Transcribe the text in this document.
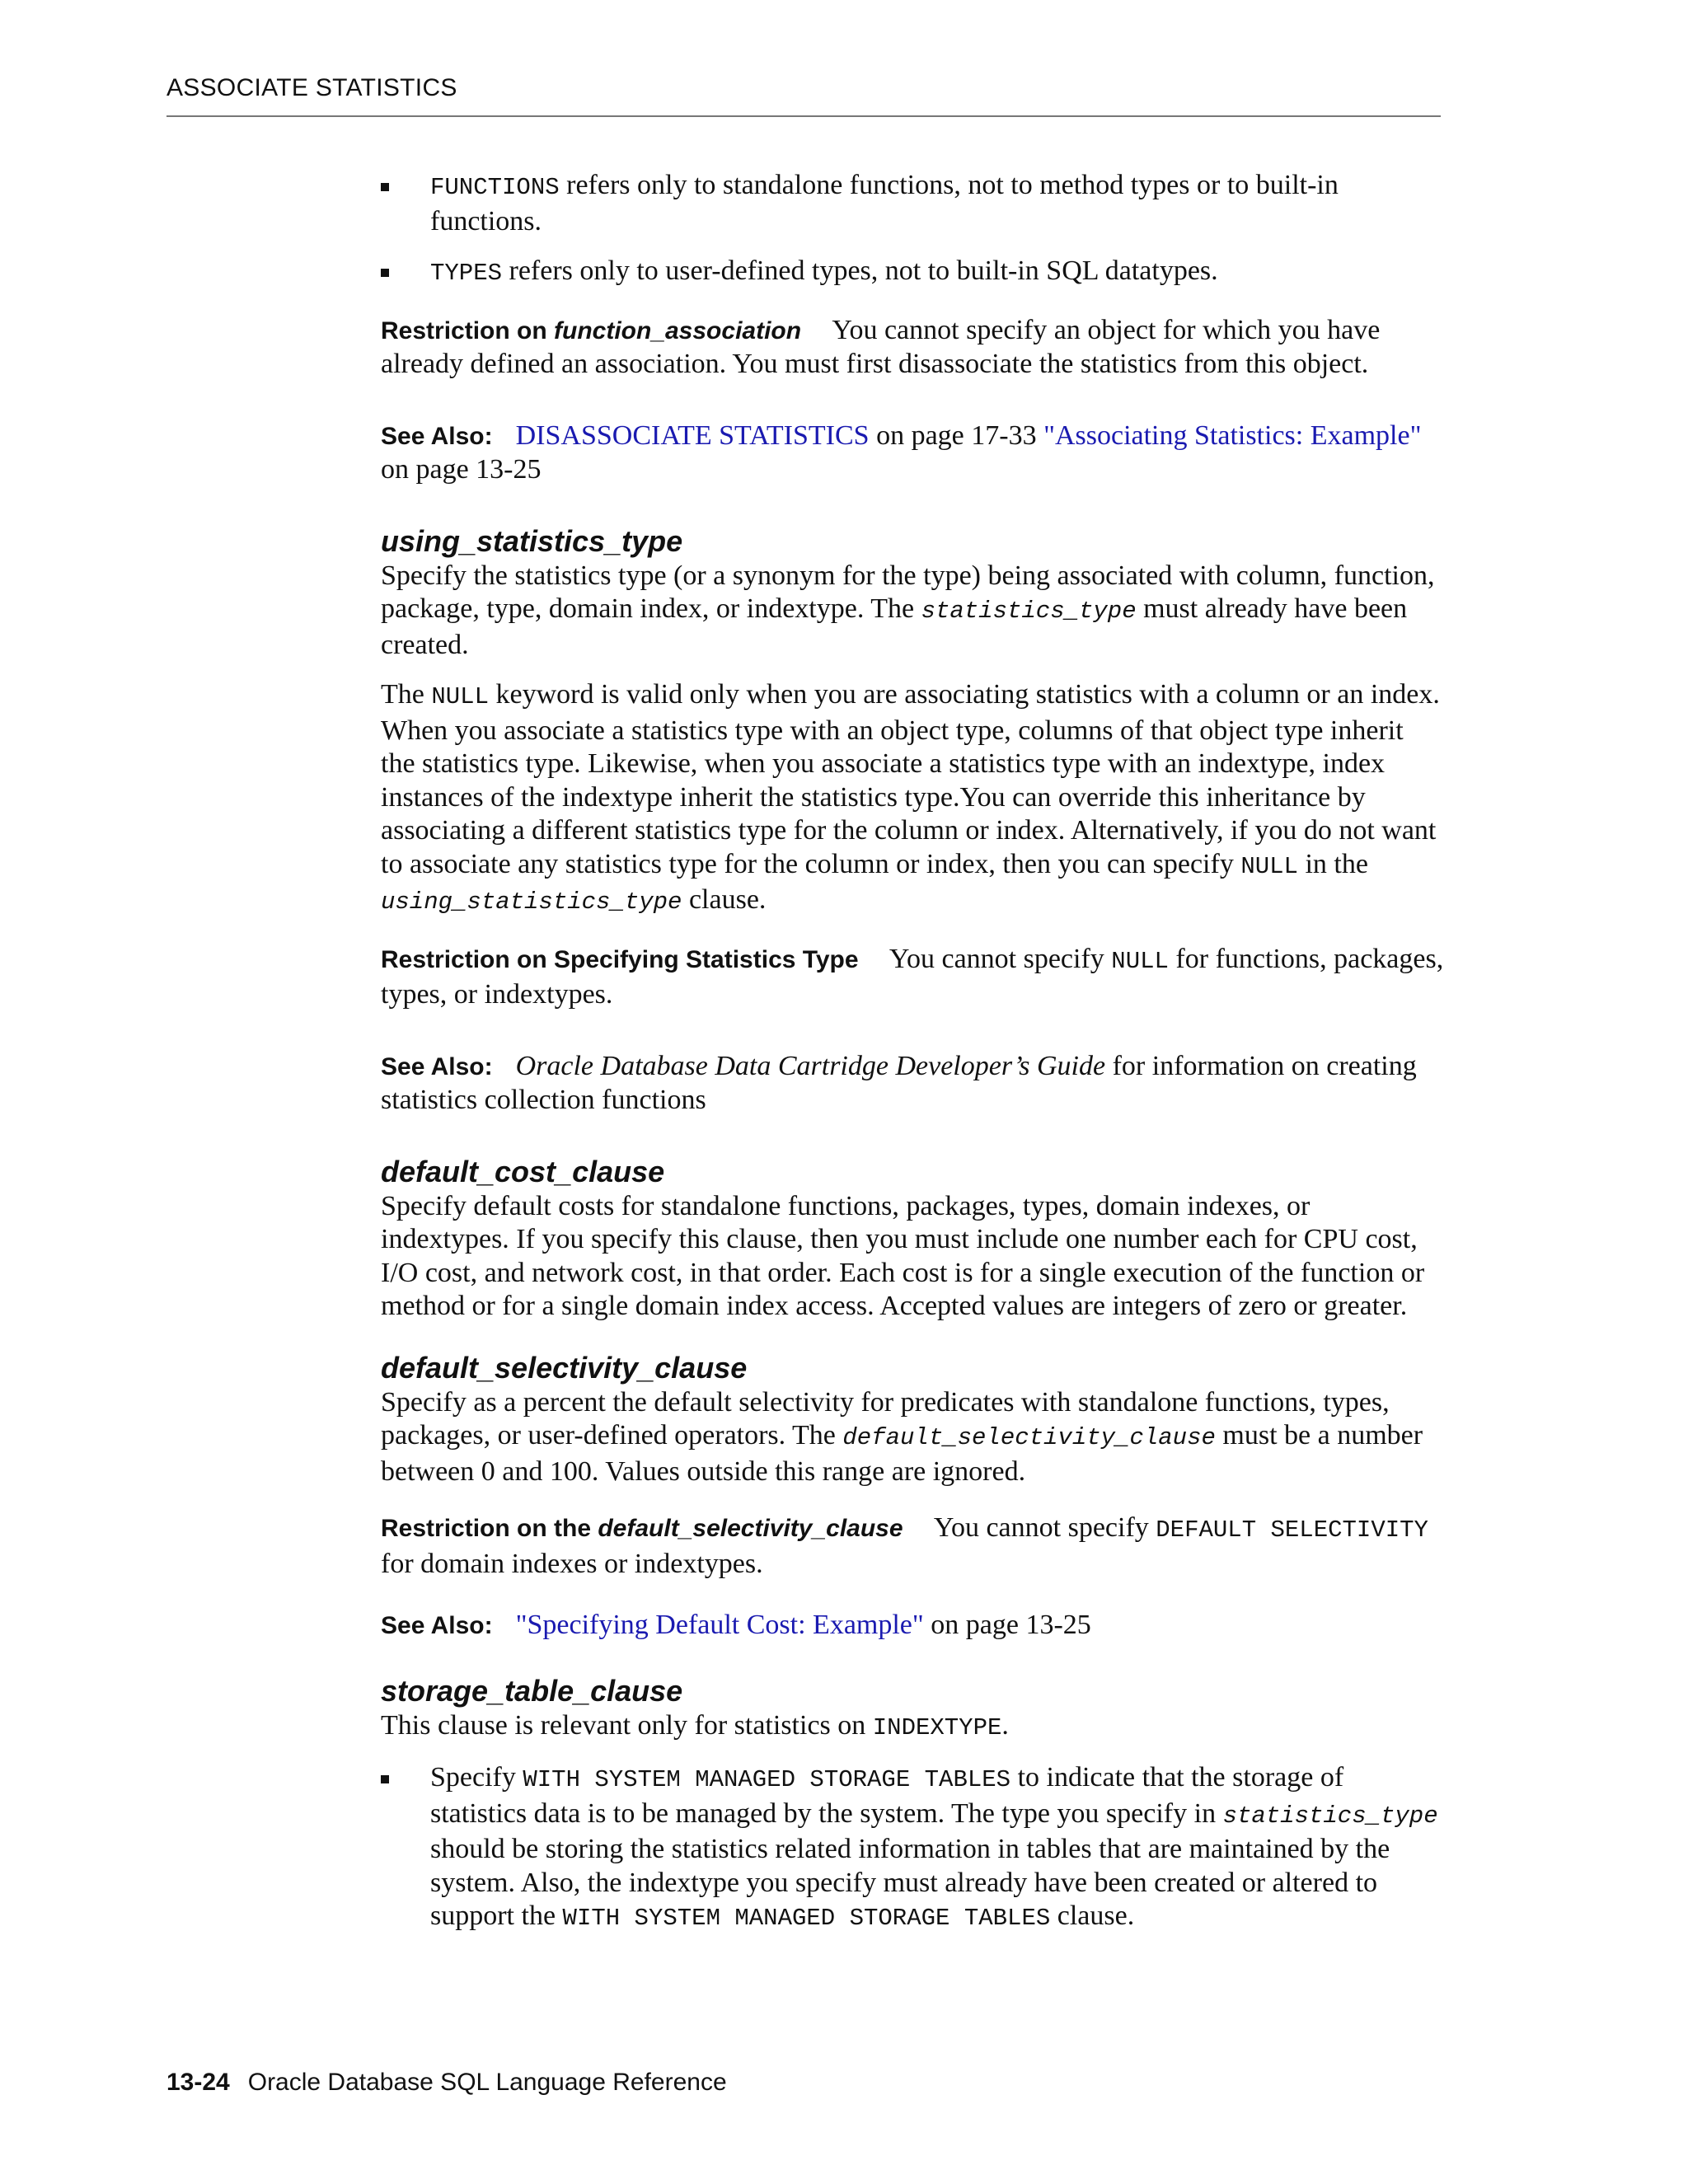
ASSOCIATE STATISTICS
FUNCTIONS refers only to standalone functions, not to method types or to built-in functions.
TYPES refers only to user-defined types, not to built-in SQL datatypes.

Restriction on function_association You cannot specify an object for which you have already defined an association. You must first disassociate the statistics from this object.

See Also: DISASSOCIATE STATISTICS on page 17-33 "Associating Statistics: Example" on page 13-25

using_statistics_type

Specify the statistics type (or a synonym for the type) being associated with column, function, package, type, domain index, or indextype. The statistics_type must already have been created.

The NULL keyword is valid only when you are associating statistics with a column or an index. When you associate a statistics type with an object type, columns of that object type inherit the statistics type. Likewise, when you associate a statistics type with an indextype, index instances of the indextype inherit the statistics type.You can override this inheritance by associating a different statistics type for the column or index. Alternatively, if you do not want to associate any statistics type for the column or index, then you can specify NULL in the using_statistics_type clause.

Restriction on Specifying Statistics Type You cannot specify NULL for functions, packages, types, or indextypes.

See Also: Oracle Database Data Cartridge Developer’s Guide for information on creating statistics collection functions

default_cost_clause

Specify default costs for standalone functions, packages, types, domain indexes, or indextypes. If you specify this clause, then you must include one number each for CPU cost, I/O cost, and network cost, in that order. Each cost is for a single execution of the function or method or for a single domain index access. Accepted values are integers of zero or greater.

default_selectivity_clause

Specify as a percent the default selectivity for predicates with standalone functions, types, packages, or user-defined operators. The default_selectivity_clause must be a number between 0 and 100. Values outside this range are ignored.

Restriction on the default_selectivity_clause You cannot specify DEFAULT SELECTIVITY for domain indexes or indextypes.

See Also: "Specifying Default Cost: Example" on page 13-25

storage_table_clause

This clause is relevant only for statistics on INDEXTYPE.

Specify WITH SYSTEM MANAGED STORAGE TABLES to indicate that the storage of statistics data is to be managed by the system. The type you specify in statistics_type should be storing the statistics related information in tables that are maintained by the system. Also, the indextype you specify must already have been created or altered to support the WITH SYSTEM MANAGED STORAGE TABLES clause.
13-24 Oracle Database SQL Language Reference
